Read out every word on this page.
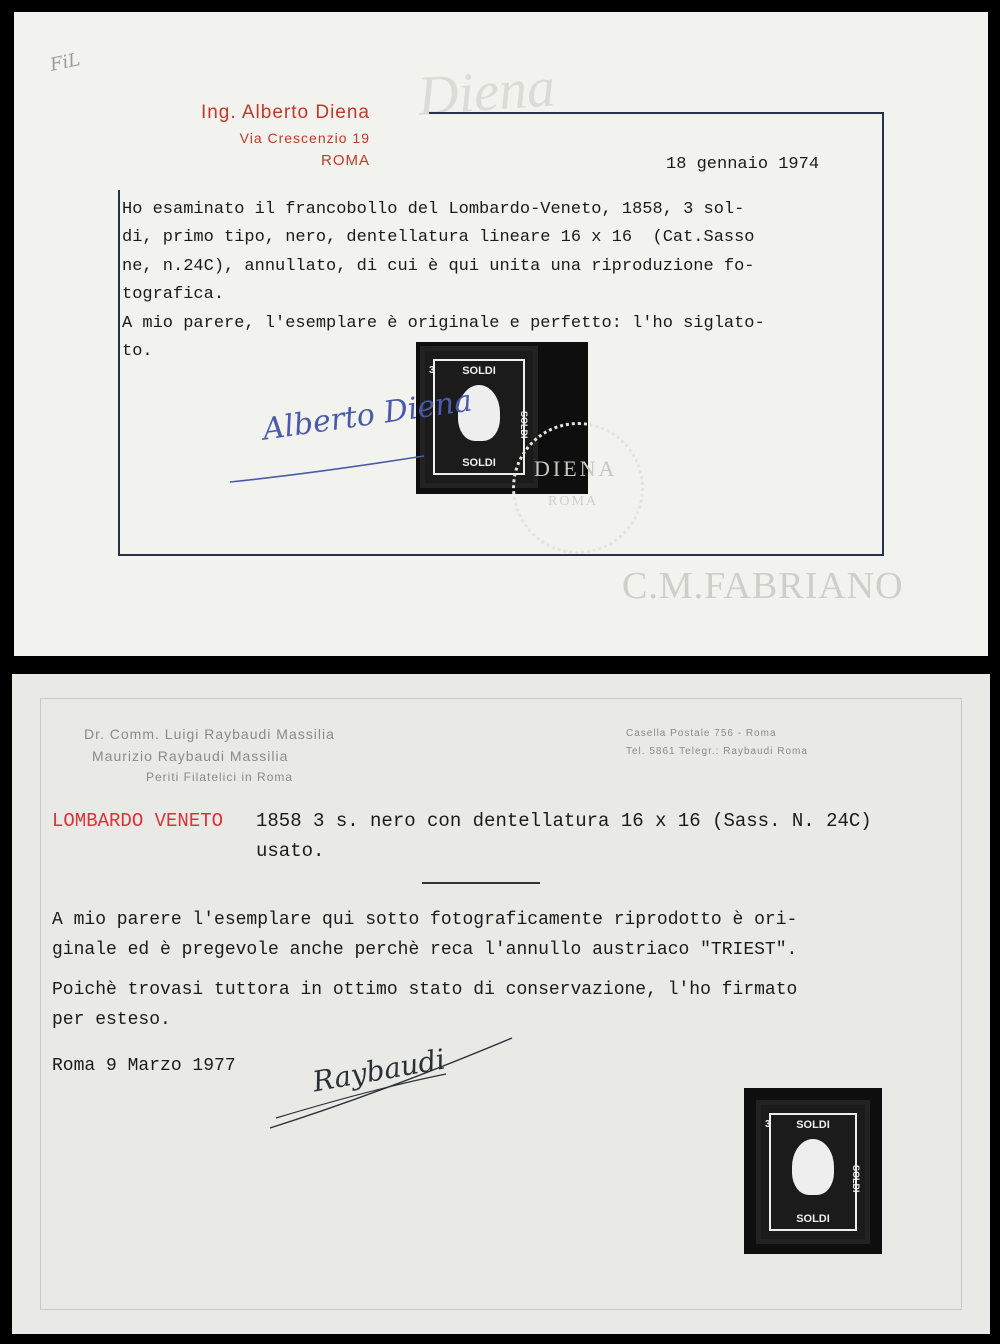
FiL
Ing. Alberto Diena
Via Crescenzio 19
ROMA
Diena
18 gennaio 1974
Ho esaminato il francobollo del Lombardo-Veneto, 1858, 3 sol-
di, primo tipo, nero, dentellatura lineare 16 x 16  (Cat.Sasso
ne, n.24C), annullato, di cui è qui unita una riproduzione fo-
tografica.
A mio parere, l'esemplare è originale e perfetto: l'ho siglato-
to.
SOLDI
SOLDI
SOLDI
3
DIENA
ROMA
Alberto Diena
C.M.FABRIANO
Dr. Comm. Luigi Raybaudi Massilia
Maurizio Raybaudi Massilia
Periti Filatelici in Roma
Casella Postale 756 - Roma
Tel. 5861 Telegr.: Raybaudi Roma
LOMBARDO VENETO 1858 3 s. nero con dentellatura 16 x 16 (Sass. N. 24C)
usato.
A mio parere l'esemplare qui sotto fotograficamente riprodotto è ori-
ginale ed è pregevole anche perchè reca l'annullo austriaco "TRIEST".
Poichè trovasi tuttora in ottimo stato di conservazione, l'ho firmato
per esteso.
Roma 9 Marzo 1977	Raybaudi
SOLDI
SOLDI
SOLDI
3
